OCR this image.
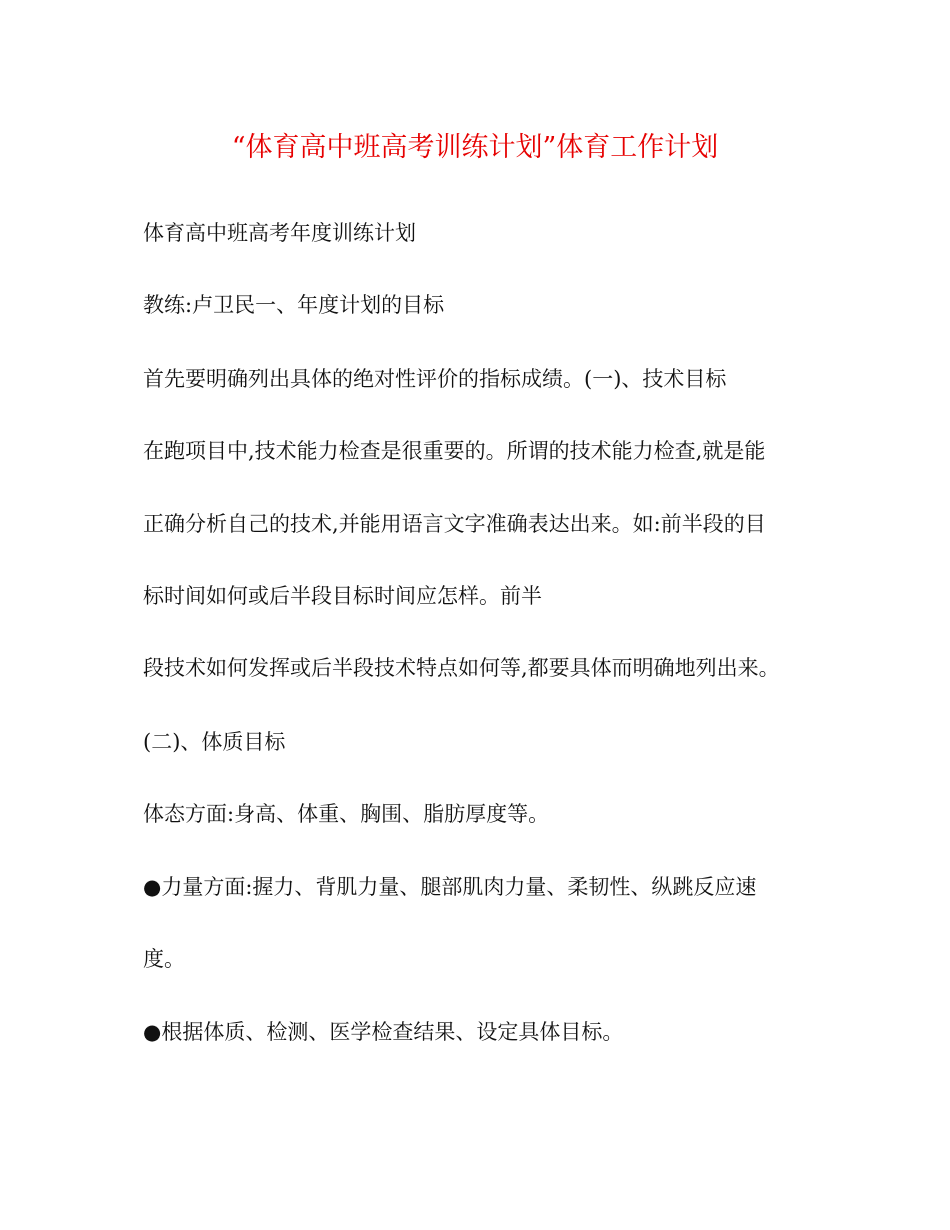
“体育高中班高考训练计划”体育工作计划

体育高中班高考年度训练计划

教练:卢卫民一、年度计划的目标

首先要明确列出具体的绝对性评价的指标成绩。(一)、技术目标

在跑项目中,技术能力检查是很重要的。所谓的技术能力检查,就是能

正确分析自己的技术,并能用语言文字准确表达出来。如:前半段的目

标时间如何或后半段目标时间应怎样。前半

段技术如何发挥或后半段技术特点如何等,都要具体而明确地列出来。

(二)、体质目标

体态方面:身高、体重、胸围、脂肪厚度等。

●力量方面:握力、背肌力量、腿部肌肉力量、柔韧性、纵跳反应速

度。

●根据体质、检测、医学检查结果、设定具体目标。
